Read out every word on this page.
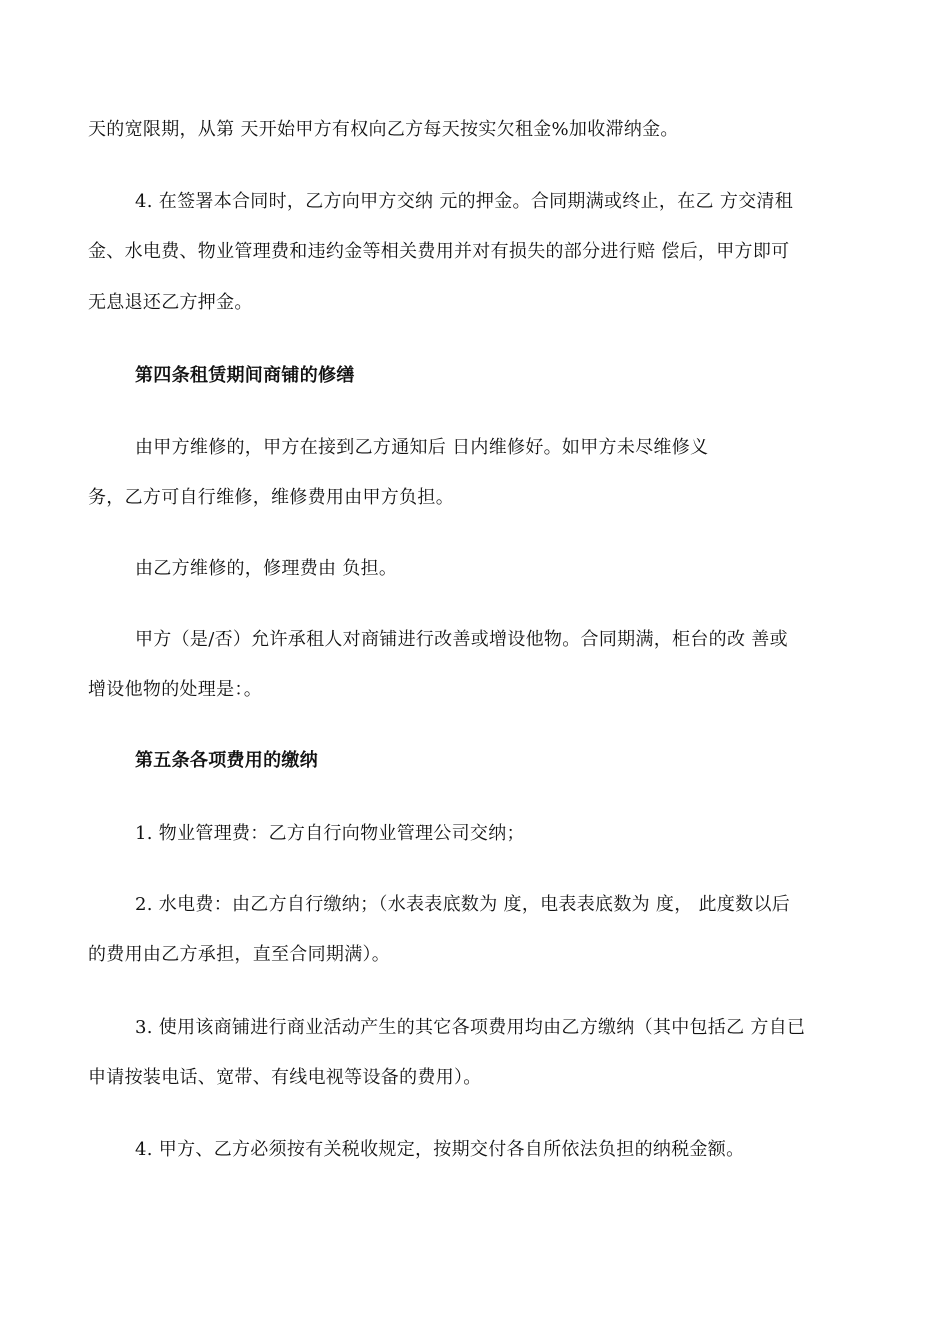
天的宽限期，从第 天开始甲方有权向乙方每天按实欠租金%加收滞纳金。
4. 在签署本合同时，乙方向甲方交纳 元的押金。合同期满或终止，在乙 方交清租
金、水电费、物业管理费和违约金等相关费用并对有损失的部分进行赔 偿后，甲方即可
无息退还乙方押金。
第四条租赁期间商铺的修缮
由甲方维修的，甲方在接到乙方通知后 日内维修好。如甲方未尽维修义
务，乙方可自行维修，维修费用由甲方负担。
由乙方维修的，修理费由 负担。
甲方（是/否）允许承租人对商铺进行改善或增设他物。合同期满，柜台的改 善或
增设他物的处理是：。
第五条各项费用的缴纳
1. 物业管理费：乙方自行向物业管理公司交纳；
2. 水电费：由乙方自行缴纳；（水表表底数为 度，电表表底数为 度， 此度数以后
的费用由乙方承担，直至合同期满）。
3. 使用该商铺进行商业活动产生的其它各项费用均由乙方缴纳（其中包括乙 方自已
申请按装电话、宽带、有线电视等设备的费用）。
4. 甲方、乙方必须按有关税收规定，按期交付各自所依法负担的纳税金额。
